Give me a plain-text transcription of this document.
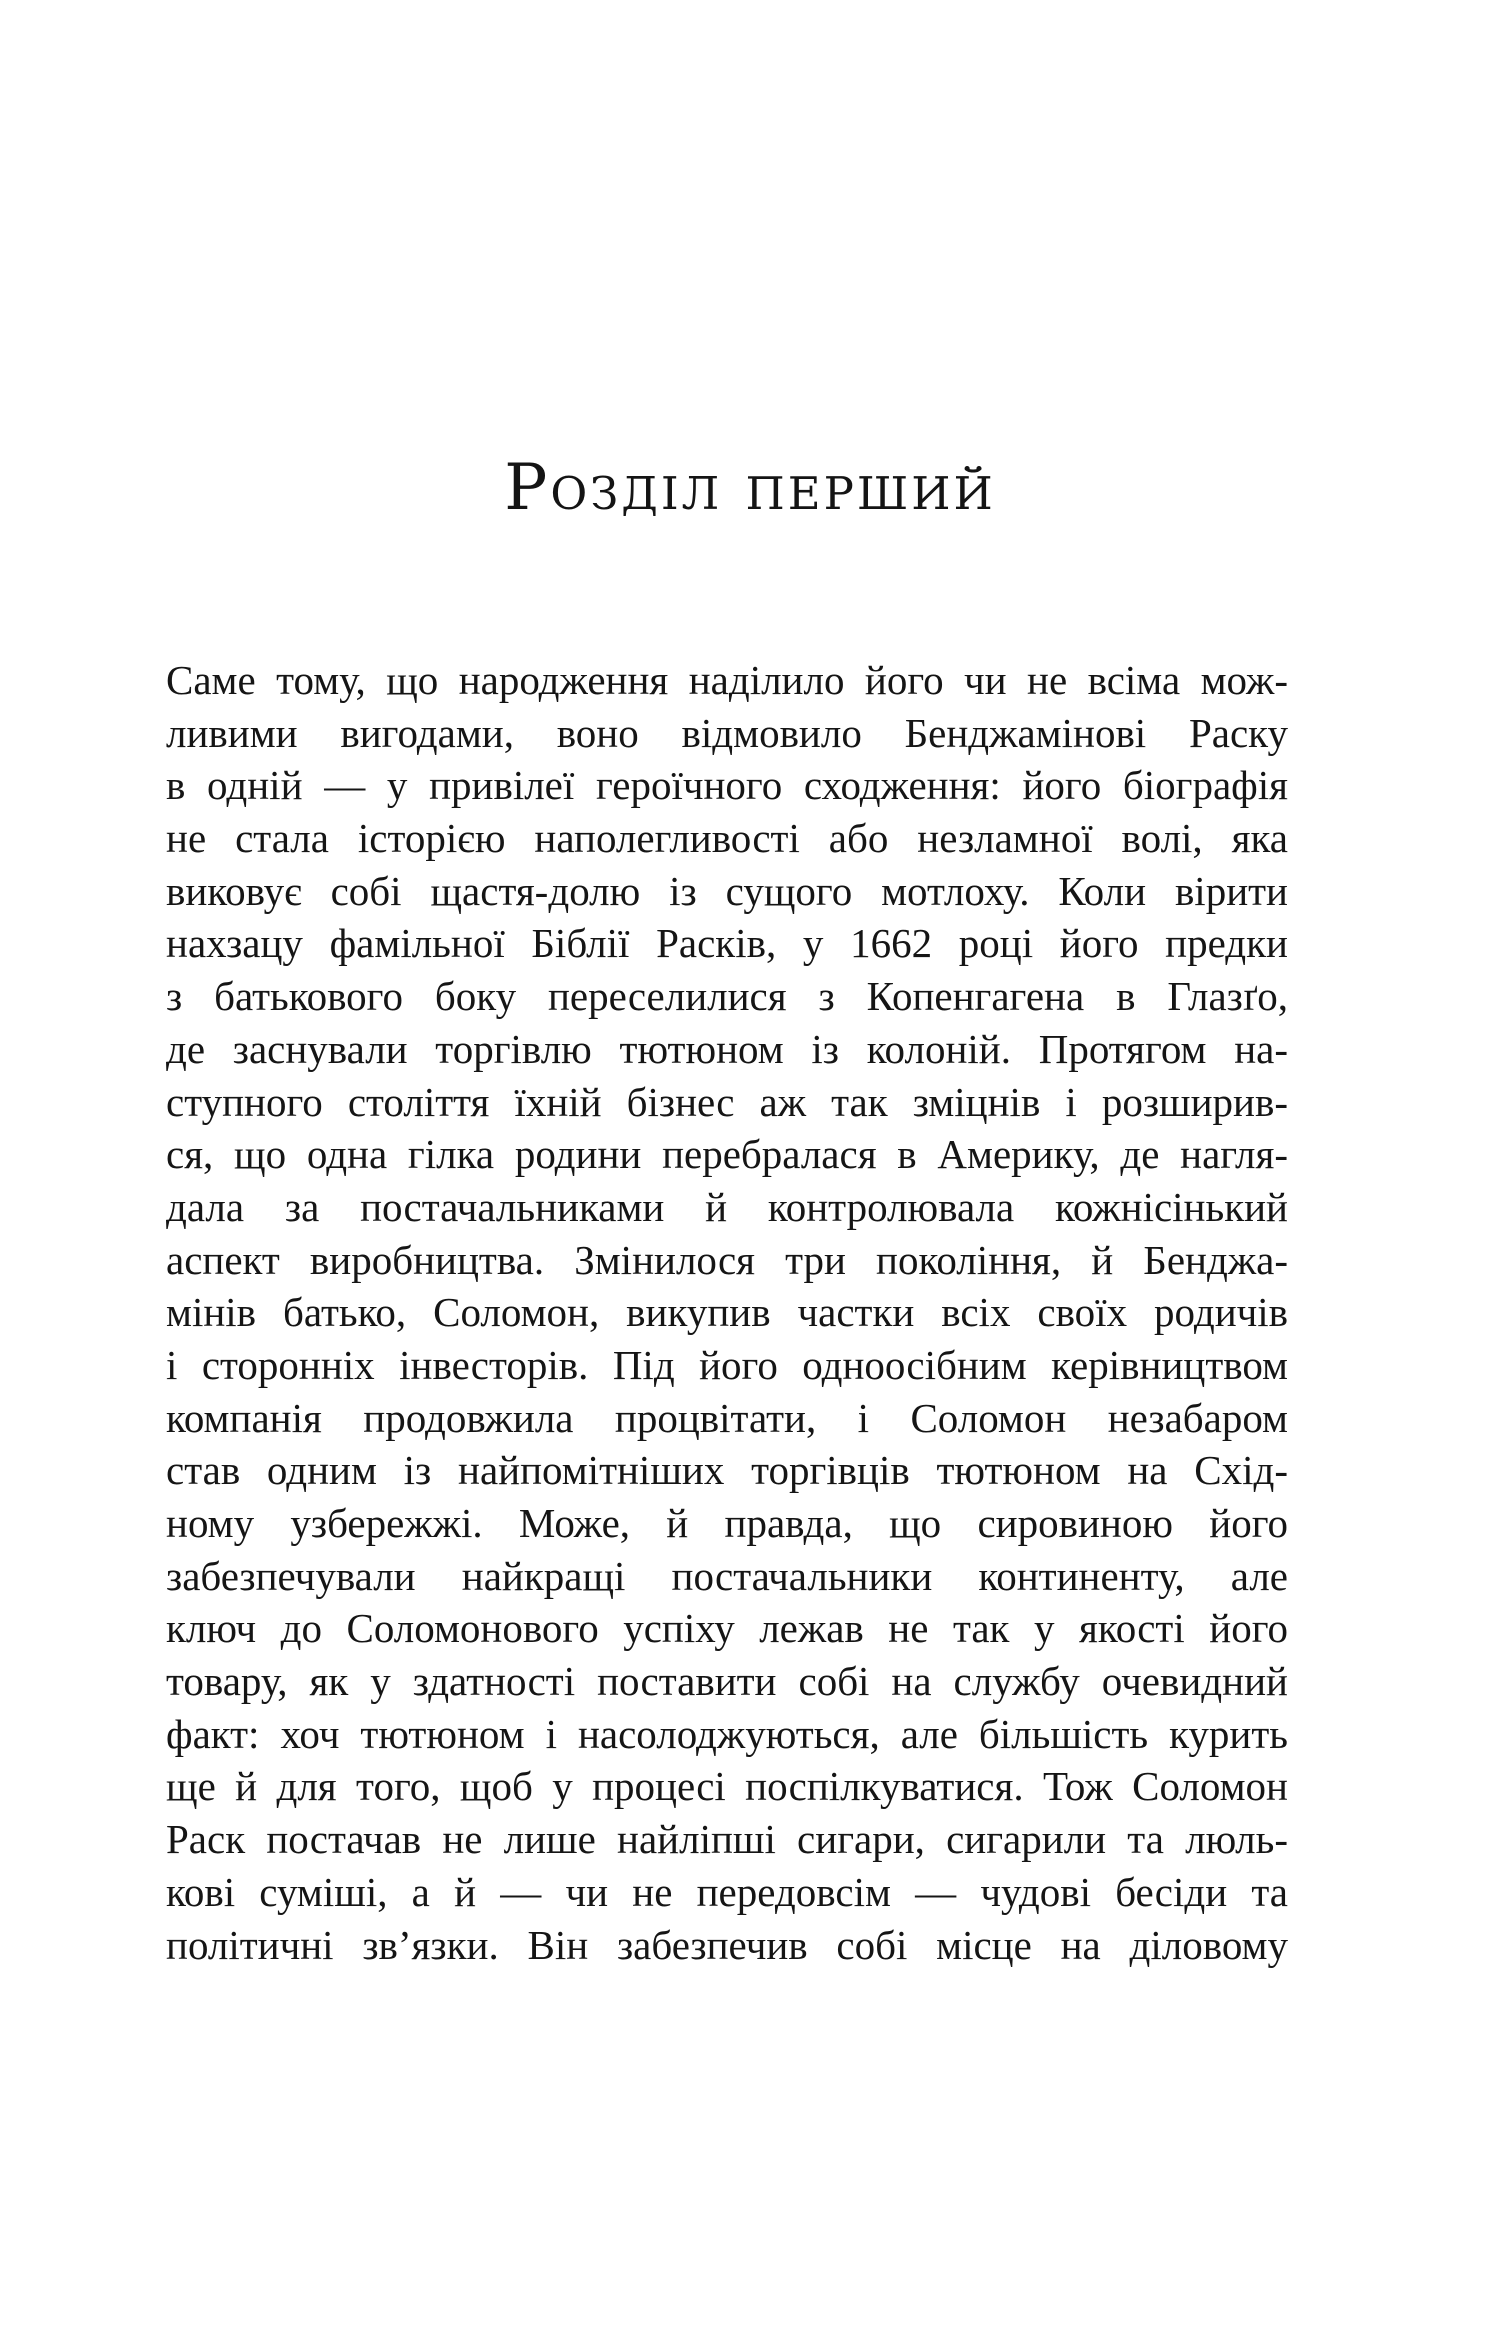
Розділ перший
Саме тому, що народження наділило його чи не всіма мож-
ливими вигодами, воно відмовило Бенджамінові Раску
в одній — у привілеї героїчного сходження: його біографія
не стала історією наполегливості або незламної волі, яка
виковує собі щастя-долю із сущого мотлоху. Коли вірити
нахзацу фамільної Біблії Расків, у 1662 році його предки
з батькового боку переселилися з Копенгагена в Глазґо,
де заснували торгівлю тютюном із колоній. Протягом на-
ступного століття їхній бізнес аж так зміцнів і розширив-
ся, що одна гілка родини перебралася в Америку, де нагля-
дала за постачальниками й контролювала кожнісінький
аспект виробництва. Змінилося три покоління, й Бенджа-
мінів батько, Соломон, викупив частки всіх своїх родичів
і сторонніх інвесторів. Під його одноосібним керівництвом
компанія продовжила процвітати, і Соломон незабаром
став одним із найпомітніших торгівців тютюном на Схід-
ному узбережжі. Може, й правда, що сировиною його
забезпечували найкращі постачальники континенту, але
ключ до Соломонового успіху лежав не так у якості його
товару, як у здатності поставити собі на службу очевидний
факт: хоч тютюном і насолоджуються, але більшість курить
ще й для того, щоб у процесі поспілкуватися. Тож Соломон
Раск постачав не лише найліпші сигари, сигарили та люль-
кові суміші, а й — чи не передовсім — чудові бесіди та
політичні зв’язки. Він забезпечив собі місце на діловому
